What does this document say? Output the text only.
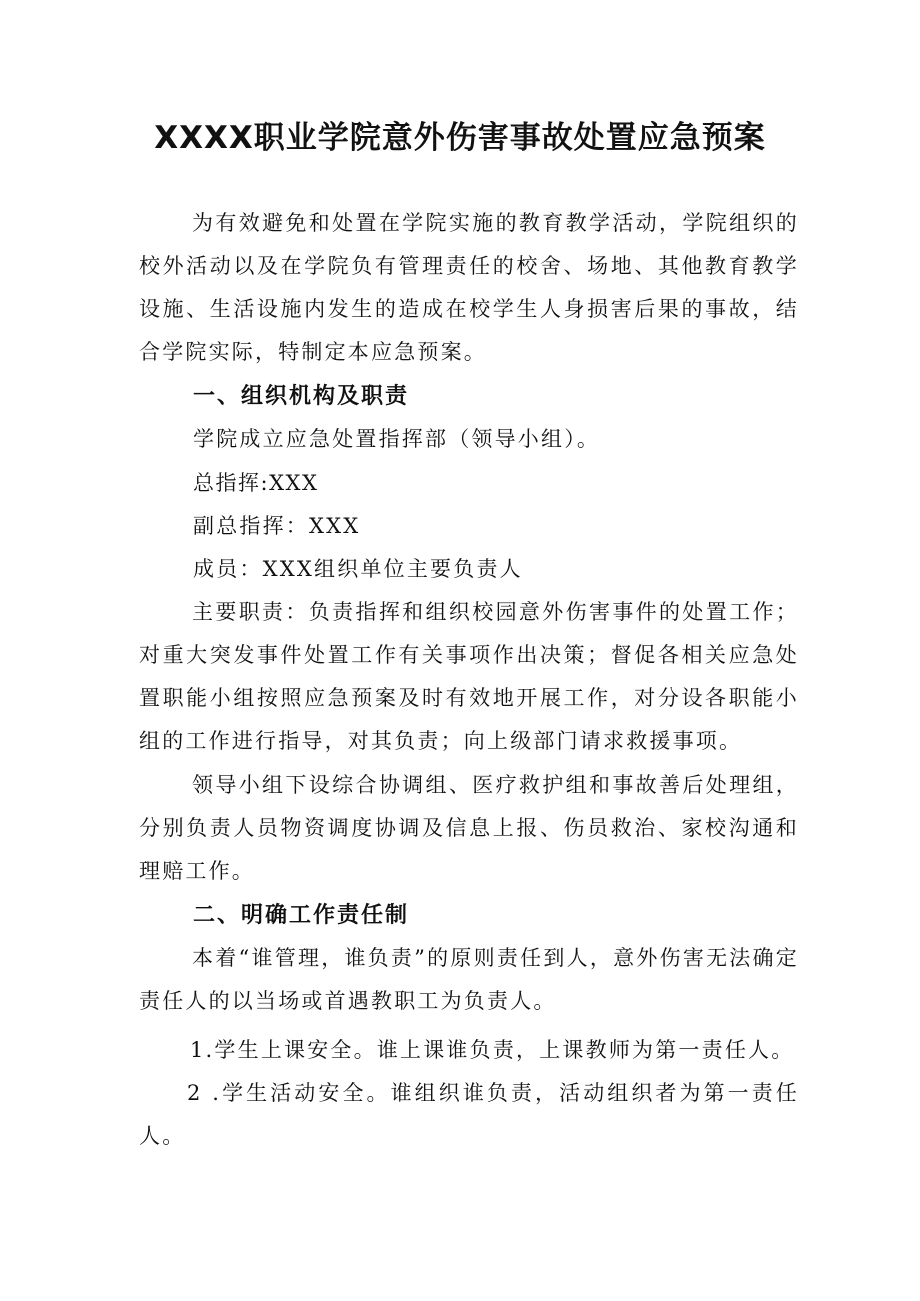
XXXX职业学院意外伤害事故处置应急预案

为有效避免和处置在学院实施的教育教学活动，学院组织的校外活动以及在学院负有管理责任的校舍、场地、其他教育教学设施、生活设施内发生的造成在校学生人身损害后果的事故，结合学院实际，特制定本应急预案。

一、组织机构及职责

学院成立应急处置指挥部（领导小组）。

总指挥:XXX

副总指挥：XXX

成员：XXX组织单位主要负责人

主要职责：负责指挥和组织校园意外伤害事件的处置工作；对重大突发事件处置工作有关事项作出决策；督促各相关应急处置职能小组按照应急预案及时有效地开展工作，对分设各职能小组的工作进行指导，对其负责；向上级部门请求救援事项。

领导小组下设综合协调组、医疗救护组和事故善后处理组，分别负责人员物资调度协调及信息上报、伤员救治、家校沟通和理赔工作。

二、明确工作责任制

本着“谁管理，谁负责”的原则责任到人，意外伤害无法确定责任人的以当场或首遇教职工为负责人。

1.学生上课安全。谁上课谁负责，上课教师为第一责任人。

2 .学生活动安全。谁组织谁负责，活动组织者为第一责任人。
